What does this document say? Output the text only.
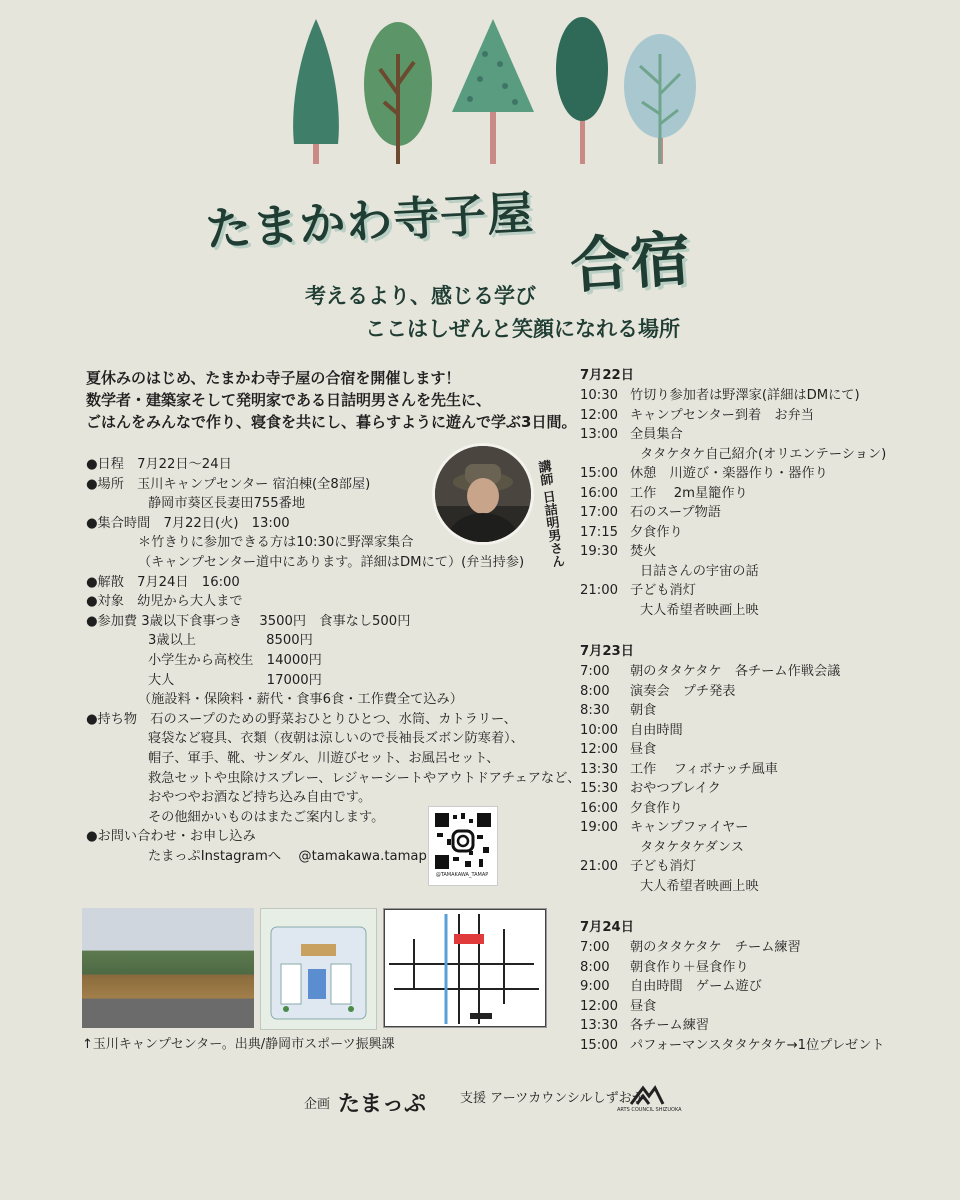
たまかわ寺子屋
合宿
考えるより、感じる学び
ここはしぜんと笑顔になれる場所
夏休みのはじめ、たまかわ寺子屋の合宿を開催します！
数学者・建築家そして発明家である日詰明男さんを先生に、
ごはんをみんなで作り、寝食を共にし、暮らすように遊んで学ぶ3日間。
●日程　7月22日〜24日
●場所　玉川キャンプセンター 宿泊棟(全8部屋)
静岡市葵区長妻田755番地
●集合時間　7月22日(火)　13:00
＊竹きりに参加できる方は10:30に野澤家集合
（キャンプセンター道中にあります。詳細はDMにて）(弁当持参)
●解散　7月24日　16:00
●対象　幼児から大人まで
●参加費 3歳以下食事つき　 3500円　食事なし500円
3歳以上　　　　　 8500円
小学生から高校生　14000円
大人　　　　　　　17000円
（施設料・保険料・薪代・食事6食・工作費全て込み）
●持ち物　石のスープのための野菜おひとりひとつ、水筒、カトラリー、
寝袋など寝具、衣類（夜朝は涼しいので長袖長ズボン防寒着）、
帽子、軍手、靴、サンダル、川遊びセット、お風呂セット、
救急セットや虫除けスプレー、レジャーシートやアウトドアチェアなど、
おやつやお酒など持ち込み自由です。
その他細かいものはまたご案内します。
●お問い合わせ・お申し込み
たまっぷInstagramへ　 @tamakawa.tamap
講師 日詰明男さん
@TAMAKAWA_TAMAP
↑玉川キャンプセンター。出典/静岡市スポーツ振興課
7月22日
10:30 竹切り参加者は野澤家(詳細はDMにて)
12:00 キャンプセンター到着　お弁当
13:00 全員集合
タタケタケ自己紹介(オリエンテーション)
15:00 休憩　川遊び・楽器作り・器作り
16:00 工作　 2m星籠作り
17:00 石のスープ物語
17:15 夕食作り
19:30 焚火
日詰さんの宇宙の話
21:00 子ども消灯
大人希望者映画上映
7月23日
7:00	朝のタタケタケ　各チーム作戦会議
8:00	演奏会　プチ発表
8:30	朝食
10:00 自由時間
12:00 昼食
13:30 工作　 フィボナッチ風車
15:30 おやつブレイク
16:00 夕食作り
19:00 キャンプファイヤー
タタケタケダンス
21:00 子ども消灯
大人希望者映画上映
7月24日
7:00	朝のタタケタケ　チーム練習
8:00	朝食作り＋昼食作り
9:00	自由時間　ゲーム遊び
12:00 昼食
13:30 各チーム練習
15:00 パフォーマンスタタケタケ→1位プレゼント
企画 たまっぷ	支援 アーツカウンシルしずおか
ARTS COUNCIL SHIZUOKA
